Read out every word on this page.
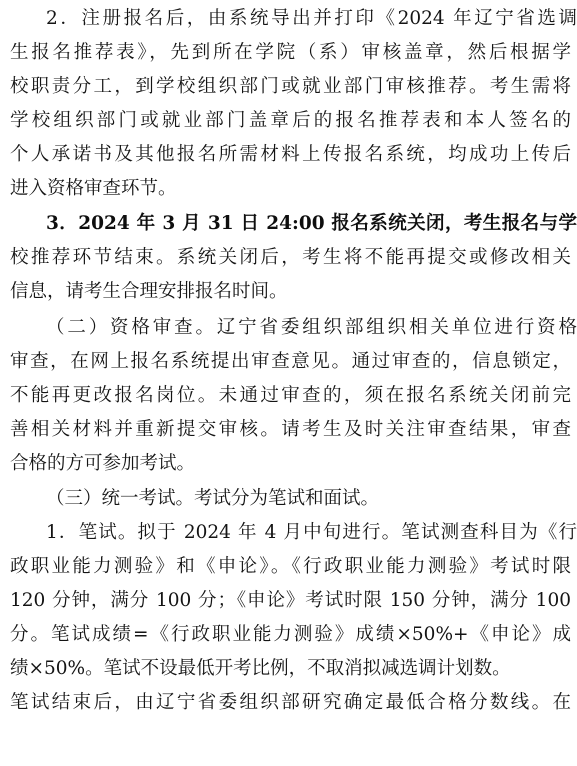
2．注册报名后，由系统导出并打印《2024 年辽宁省选调
生报名推荐表》，先到所在学院（系）审核盖章，然后根据学
校职责分工，到学校组织部门或就业部门审核推荐。考生需将
学校组织部门或就业部门盖章后的报名推荐表和本人签名的
个人承诺书及其他报名所需材料上传报名系统，均成功上传后
进入资格审查环节。
3．2024 年 3 月 31 日 24:00 报名系统关闭，考生报名与学
校推荐环节结束。系统关闭后，考生将不能再提交或修改相关
信息，请考生合理安排报名时间。
（二）资格审查。辽宁省委组织部组织相关单位进行资格
审查，在网上报名系统提出审查意见。通过审查的，信息锁定，
不能再更改报名岗位。未通过审查的，须在报名系统关闭前完
善相关材料并重新提交审核。请考生及时关注审查结果，审查
合格的方可参加考试。
（三）统一考试。考试分为笔试和面试。
1．笔试。拟于 2024 年 4 月中旬进行。笔试测查科目为《行
政职业能力测验》和《申论》。《行政职业能力测验》考试时限
120 分钟，满分 100 分；《申论》考试时限 150 分钟，满分 100
分。笔试成绩=《行政职业能力测验》成绩×50%+《申论》成
绩×50%。笔试不设最低开考比例，不取消拟减选调计划数。
笔试结束后，由辽宁省委组织部研究确定最低合格分数线。在
